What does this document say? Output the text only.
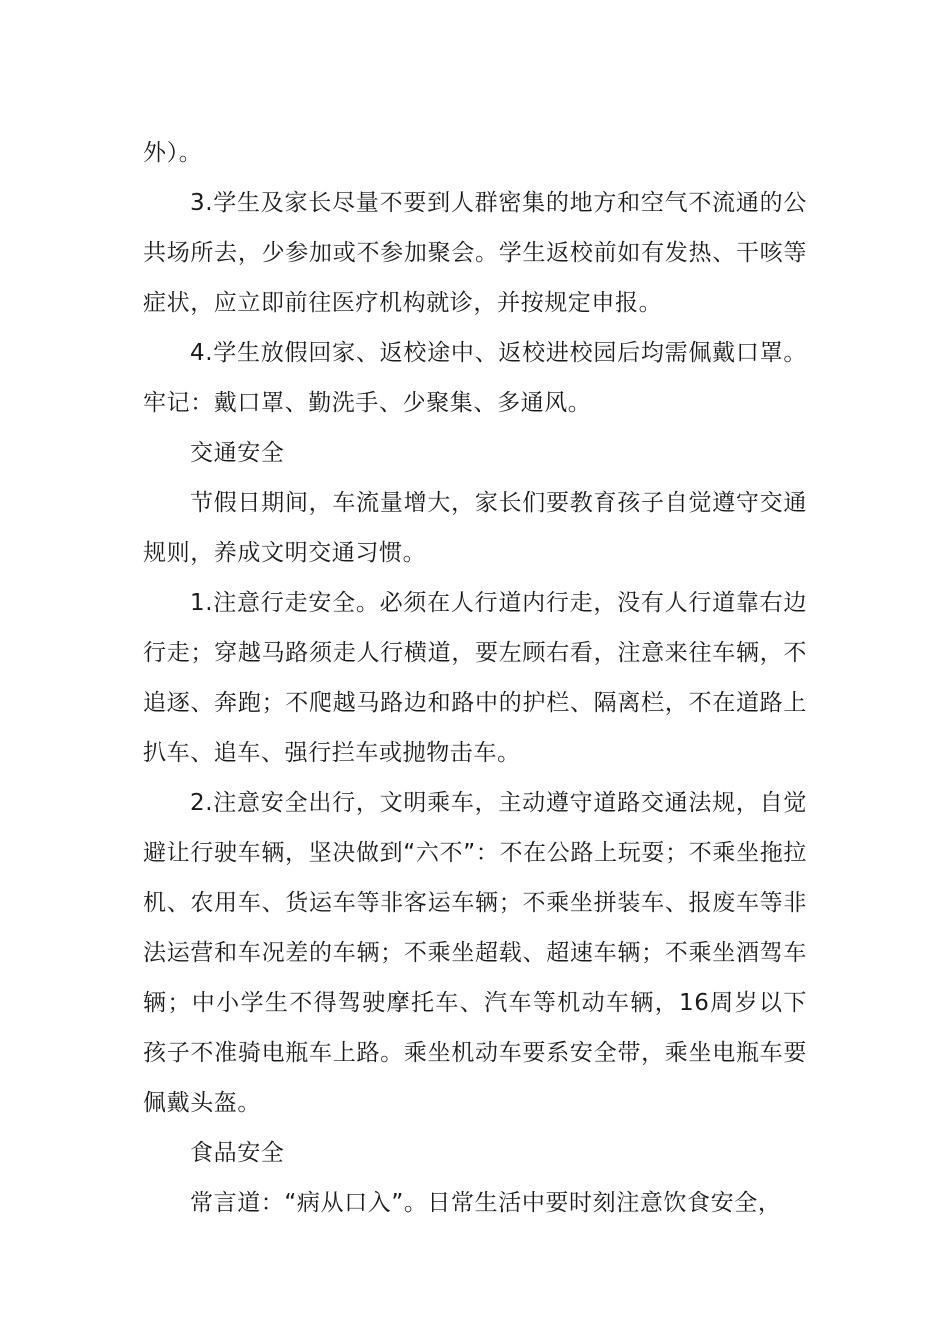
外）。

3.学生及家长尽量不要到人群密集的地方和空气不流通的公共场所去，少参加或不参加聚会。学生返校前如有发热、干咳等症状，应立即前往医疗机构就诊，并按规定申报。

4.学生放假回家、返校途中、返校进校园后均需佩戴口罩。牢记：戴口罩、勤洗手、少聚集、多通风。

交通安全

节假日期间，车流量增大，家长们要教育孩子自觉遵守交通规则，养成文明交通习惯。

1.注意行走安全。必须在人行道内行走，没有人行道靠右边行走；穿越马路须走人行横道，要左顾右看，注意来往车辆，不追逐、奔跑；不爬越马路边和路中的护栏、隔离栏，不在道路上扒车、追车、强行拦车或抛物击车。

2.注意安全出行，文明乘车，主动遵守道路交通法规，自觉避让行驶车辆，坚决做到“六不”：不在公路上玩耍；不乘坐拖拉机、农用车、货运车等非客运车辆；不乘坐拼装车、报废车等非法运营和车况差的车辆；不乘坐超载、超速车辆；不乘坐酒驾车辆；中小学生不得驾驶摩托车、汽车等机动车辆，16周岁以下孩子不准骑电瓶车上路。乘坐机动车要系安全带，乘坐电瓶车要佩戴头盔。

食品安全

常言道：“病从口入”。日常生活中要时刻注意饮食安全，
